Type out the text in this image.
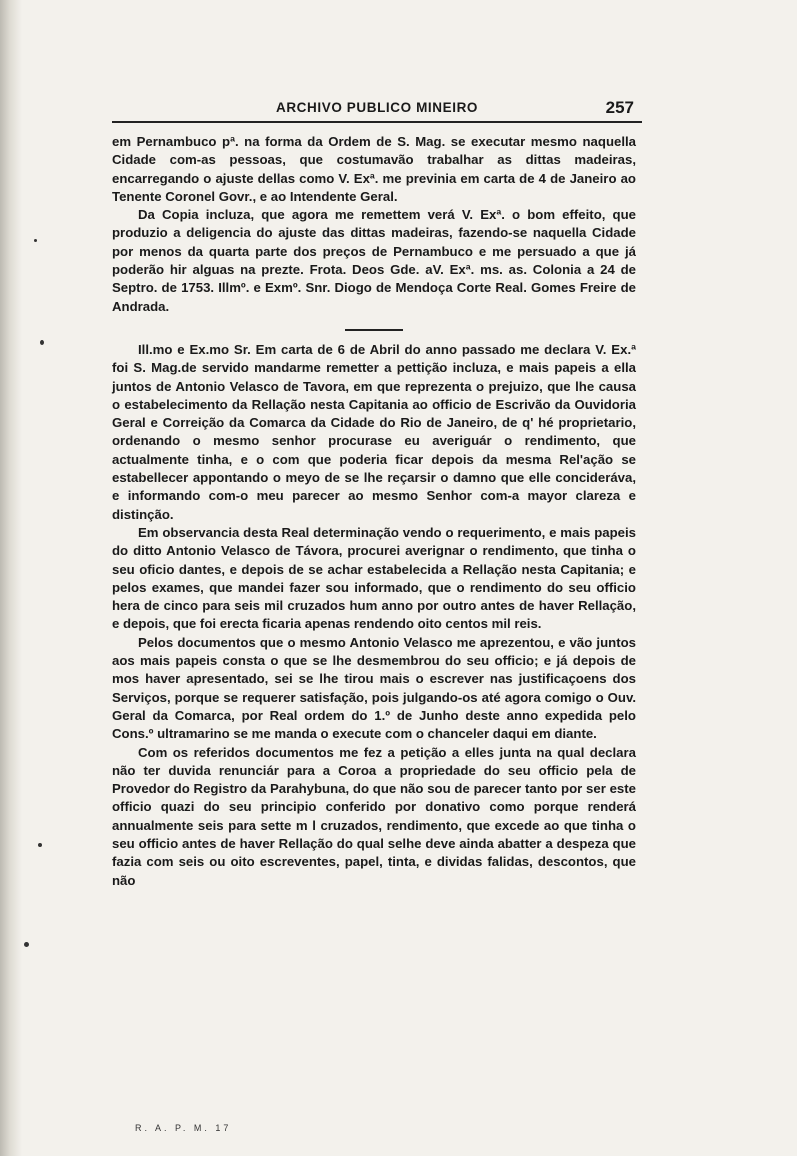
ARCHIVO PUBLICO MINEIRO	257

em Pernambuco pª. na forma da Ordem de S. Mag. se executar mesmo naquella Cidade com-as pessoas, que costumavão trabalhar as dittas madeiras, encarregando o ajuste dellas como V. Exª. me previnia em carta de 4 de Janeiro ao Tenente Coronel Govr., e ao Intendente Geral.

Da Copia incluza, que agora me remettem verá V. Exª. o bom effeito, que produzio a deligencia do ajuste das dittas madeiras, fazendo-se naquella Cidade por menos da quarta parte dos preços de Pernambuco e me persuado a que já poderão hir alguas na prezte. Frota. Deos Gde. aV. Exª. ms. as. Colonia a 24 de Septro. de 1753. Illmº. e Exmº. Snr. Diogo de Mendoça Corte Real. Gomes Freire de Andrada.

Ill.mo e Ex.mo Sr. Em carta de 6 de Abril do anno passado me declara V. Ex.ª foi S. Mag.de servido mandarme remetter a pettição incluza, e mais papeis a ella juntos de Antonio Velasco de Tavora, em que reprezenta o prejuizo, que lhe causa o estabelecimento da Rellação nesta Capitania ao officio de Escrivão da Ouvidoria Geral e Correição da Comarca da Cidade do Rio de Janeiro, de q' hé proprietario, ordenando o mesmo senhor procurase eu averiguár o rendimento, que actualmente tinha, e o com que poderia ficar depois da mesma Rel'ação se estabellecer appontando o meyo de se lhe reçarsir o damno que elle concideráva, e informando com-o meu parecer ao mesmo Senhor com-a mayor clareza e distinção.

Em observancia desta Real determinação vendo o requerimento, e mais papeis do ditto Antonio Velasco de Távora, procurei averignar o rendimento, que tinha o seu oficio dantes, e depois de se achar estabelecida a Rellação nesta Capitania; e pelos exames, que mandei fazer sou informado, que o rendimento do seu officio hera de cinco para seis mil cruzados hum anno por outro antes de haver Rellação, e depois, que foi erecta ficaria apenas rendendo oito centos mil reis.

Pelos documentos que o mesmo Antonio Velasco me aprezentou, e vão juntos aos mais papeis consta o que se lhe desmembrou do seu officio; e já depois de mos haver apresentado, sei se lhe tirou mais o escrever nas justificaçoens dos Serviços, porque se requerer satisfação, pois julgando-os até agora comigo o Ouv. Geral da Comarca, por Real ordem do 1.º de Junho deste anno expedida pelo Cons.º ultramarino se me manda o execute com o chanceler daqui em diante.

Com os referidos documentos me fez a petição a elles junta na qual declara não ter duvida renunciár para a Coroa a propriedade do seu officio pela de Provedor do Registro da Parahybuna, do que não sou de parecer tanto por ser este officio quazi do seu principio conferido por donativo como porque renderá annualmente seis para sette m l cruzados, rendimento, que excede ao que tinha o seu officio antes de haver Rellação do qual selhe deve ainda abatter a despeza que fazia com seis ou oito escreventes, papel, tinta, e dividas falidas, descontos, que não

R. A. P. M. 17
